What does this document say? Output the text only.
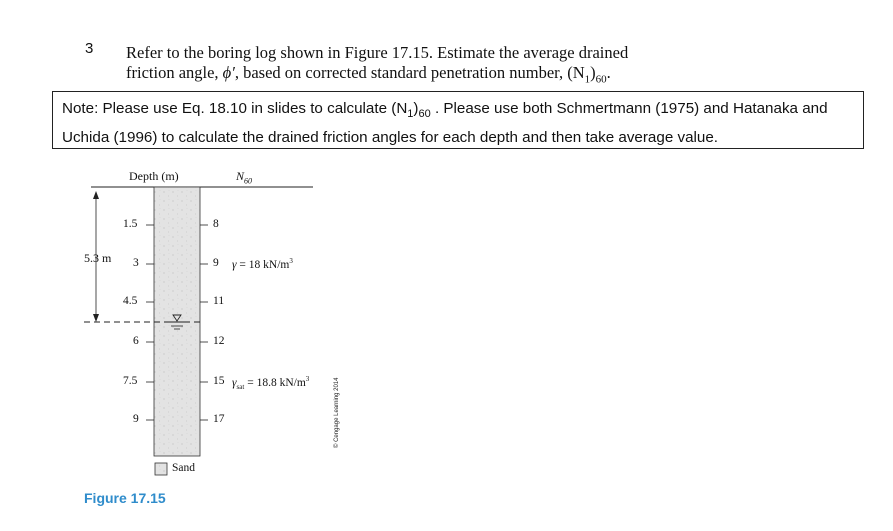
3 Refer to the boring log shown in Figure 17.15. Estimate the average drained
friction angle, ϕ′, based on corrected standard penetration number, $(N_1)_{60}$.
Note: Please use Eq. 18.10 in slides to calculate $(N_1)_{60}$ . Please use both Schmertmann (1975) and Hatanaka and Uchida (1996) to calculate the drained friction angles for each depth and then take average value.
Depth (m)	$N_{60}$
5.3 m
1.5
3
4.5
6
7.5
9
8
9
11
12
15
17
γ = 18 $kN/m^3$
$\gamma_{sat} = 18.8$ $kN/m^3$
Sand
© Cengage Learning 2014
Figure 17.15
